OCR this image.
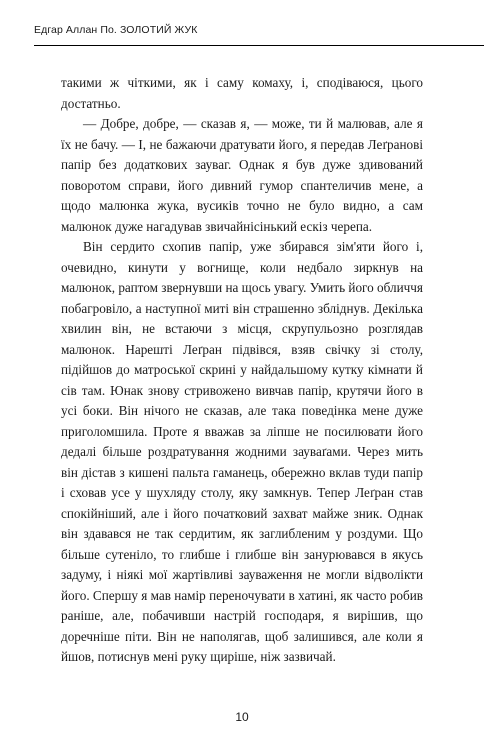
Едгар Аллан По. ЗОЛОТИЙ ЖУК

такими ж чіткими, як і саму комаху, і, сподіваюся, цього достатньо.

— Добре, добре, — сказав я, — може, ти й малював, але я їх не бачу. — І, не бажаючи дратувати його, я передав Леґранові папір без додаткових зауваг. Однак я був дуже здивований поворотом справи, його дивний гумор спантеличив мене, а щодо малюнка жука, вусиків точно не було видно, а сам малюнок дуже нагадував звичайнісінький ескіз черепа.

Він сердито схопив папір, уже збирався зім'яти його і, очевидно, кинути у вогнище, коли недбало зиркнув на малюнок, раптом звернувши на щось увагу. Умить його обличчя побагровіло, а наступної миті він страшенно збліднув. Декілька хвилин він, не встаючи з місця, скрупульозно розглядав малюнок. Нарешті Леґран підвівся, взяв свічку зі столу, підійшов до матроської скрині у найдальшому кутку кімнати й сів там. Юнак знову стривожено вивчав папір, крутячи його в усі боки. Він нічого не сказав, але така поведінка мене дуже приголомшила. Проте я вважав за ліпше не посилювати його дедалі більше роздратування жодними зауваґами. Через мить він дістав з кишені пальта гаманець, обережно вклав туди папір і сховав усе у шухляду столу, яку замкнув. Тепер Леґран став спокійніший, але і його початковий захват майже зник. Однак він здавався не так сердитим, як заглибленим у роздуми. Що більше сутеніло, то глибше і глибше він занурювався в якусь задуму, і ніякі мої жартівливі зауваження не могли відволікти його. Спершу я мав намір переночувати в хатині, як часто робив раніше, але, побачивши настрій господаря, я вирішив, що доречніше піти. Він не наполягав, щоб залишився, але коли я йшов, потиснув мені руку щиріше, ніж зазвичай.

10
